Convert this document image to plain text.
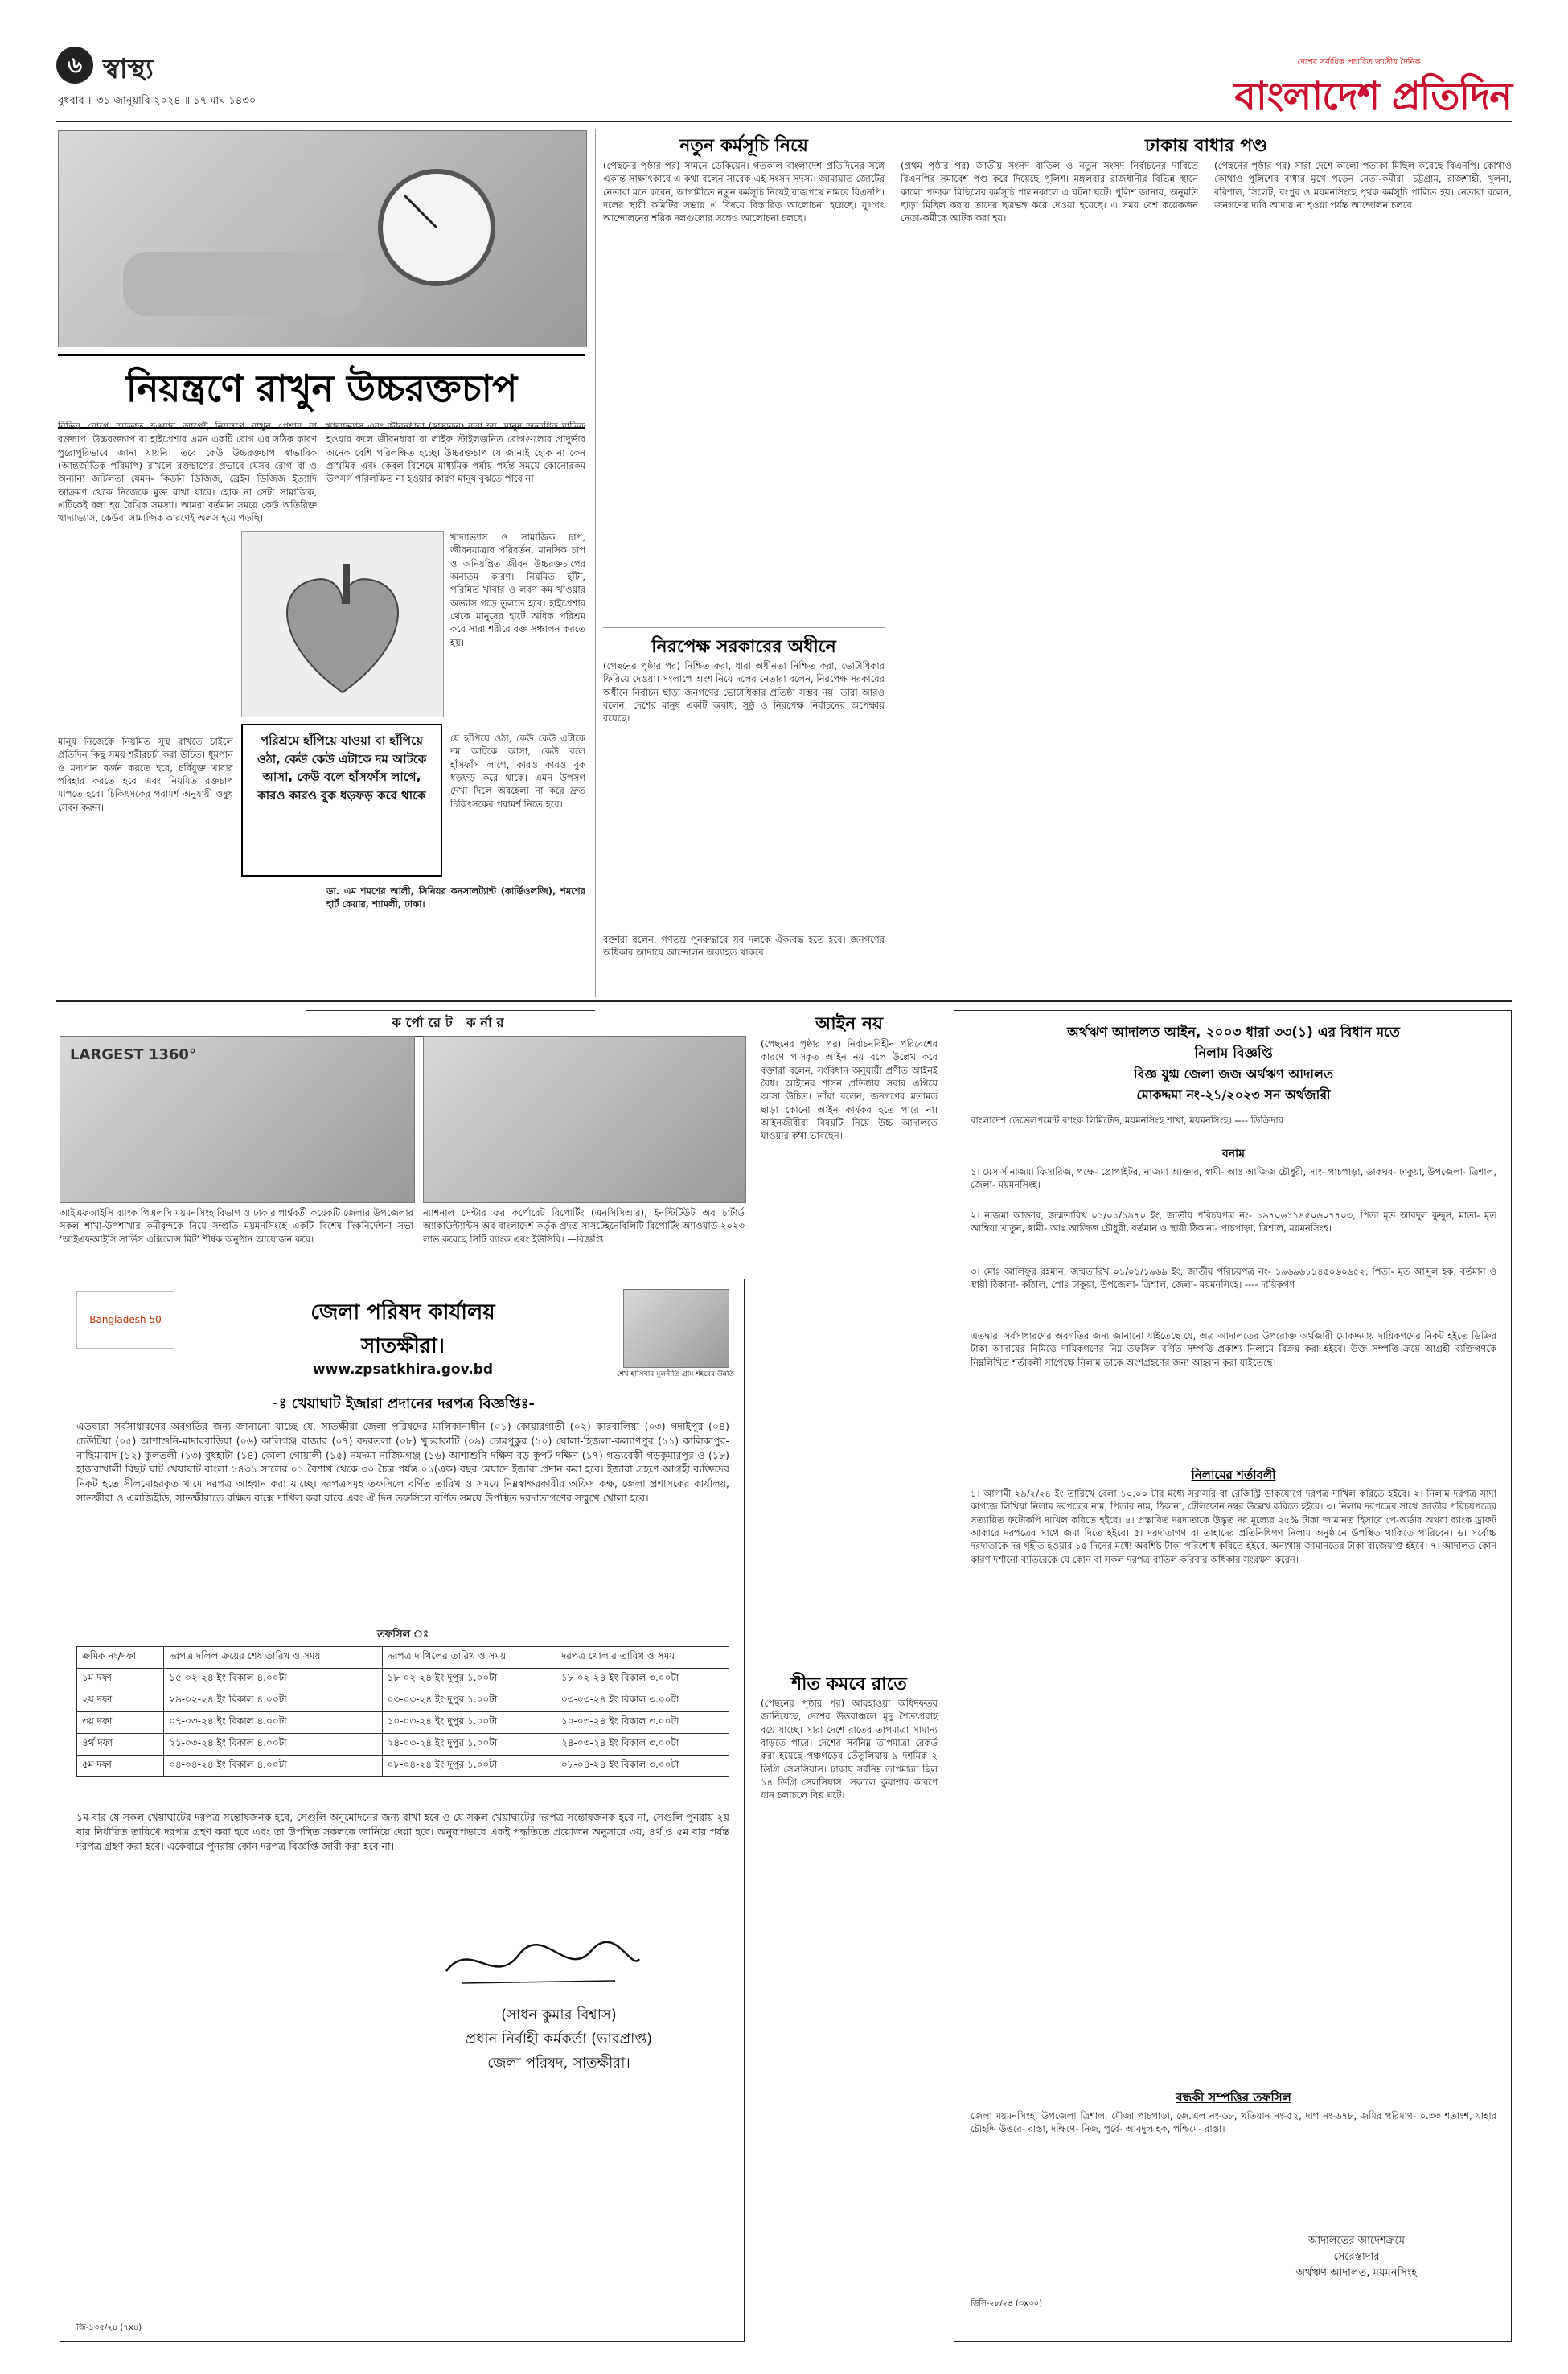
৬ স্বাস্থ্য
বুধবার ॥ ৩১ জানুয়ারি ২০২৪ ॥ ১৭ মাঘ ১৪৩০
দেশের সর্বাধিক প্রচারিত জাতীয় দৈনিক
বাংলাদেশ প্রতিদিন
নিয়ন্ত্রণে রাখুন উচ্চরক্তচাপ
বিভিন্ন রোগে আক্রান্ত হওয়ার আগেই নিয়ন্ত্রণে রাখুন প্রেশার বা রক্তচাপ। উচ্চরক্তচাপ বা হাইপ্রেশার এমন একটি রোগ এর সঠিক কারণ পুরোপুরিভাবে জানা যায়নি। তবে কেউ উচ্চরক্তচাপ স্বাভাবিক (আন্তর্জাতিক পরিমাপ) রাখলে রক্তচাপের প্রভাবে যেসব রোগ বা ও অন্যান্য জটিলতা যেমন- কিডনি ডিজিজ, ব্রেইন ডিজিজ ইত্যাদি আক্রমণ থেকে নিজেকে মুক্ত রাখা যাবে। হোক না সেটা সামাজিক, এটিকেই বলা হয় রৈখিক সমস্যা। আমরা বর্তমান সময়ে কেউ অতিরিক্ত খাদ্যাভ্যাস, কেউবা সামাজিক কারণেই অলস হয়ে পড়ছি।
খাদ্যাভ্যাস এবং জীবনধারা (স্বাস্থ্যকর) বলা হয়। মানুষ অত্যধিক মাত্রিক হওয়ার ফলে জীবনধারা বা লাইফ স্টাইলজনিত রোগগুলোর প্রাদুর্ভাব অনেক বেশি পরিলক্ষিত হচ্ছে। উচ্চরক্তচাপ যে জানাই হোক না কেন প্রাথমিক এবং কেবল বিশেষে মাধ্যমিক পর্যায় পর্যন্ত সময়ে কোনোরকম উপসর্গ পরিলক্ষিত না হওয়ার কারণ মানুষ বুঝতে পারে না।
খাদ্যাভ্যাস ও সামাজিক চাপ, জীবনযাত্রার পরিবর্তন, মানসিক চাপ ও অনিয়ন্ত্রিত জীবন উচ্চরক্তচাপের অন্যতম কারণ। নিয়মিত হাঁটা, পরিমিত খাবার ও লবণ কম খাওয়ার অভ্যাস গড়ে তুলতে হবে। হাইপ্রেশার থেকে মানুষের হার্টে অধিক পরিশ্রম করে সারা শরীরে রক্ত সঞ্চালন করতে হয়।
পরিশ্রমে হাঁপিয়ে যাওয়া বা হাঁপিয়ে ওঠা, কেউ কেউ এটাকে দম আটকে আসা, কেউ বলে হাঁসফাঁস লাগে, কারও কারও বুক ধড়ফড় করে থাকে
যে হাঁপিয়ে ওঠা, কেউ কেউ এটাকে দম আটকে আসা, কেউ বলে হাঁসফাঁস লাগে, কারও কারও বুক ধড়ফড় করে থাকে। এমন উপসর্গ দেখা দিলে অবহেলা না করে দ্রুত চিকিৎসকের পরামর্শ নিতে হবে।
মানুষ নিজেকে নিয়মিত সুস্থ রাখতে চাইলে প্রতিদিন কিছু সময় শরীরচর্চা করা উচিত। ধূমপান ও মদ্যপান বর্জন করতে হবে, চর্বিযুক্ত খাবার পরিহার করতে হবে এবং নিয়মিত রক্তচাপ মাপতে হবে। চিকিৎসকের পরামর্শ অনুযায়ী ওষুধ সেবন করুন।
ডা. এম শমশের আলী, সিনিয়র কনসালট্যান্ট (কার্ডিওলজি), শমশের হার্ট কেয়ার, শ্যামলী, ঢাকা।
নতুন কর্মসূচি নিয়ে
(পেছনের পৃষ্ঠার পর) সামনে ডেকিয়েন। গতকাল বাংলাদেশ প্রতিদিনের সঙ্গে একান্ত সাক্ষাৎকারে এ কথা বলেন সাবেক এই সংসদ সদস্য। জামায়াত জোটের নেতারা মনে করেন, আগামীতে নতুন কর্মসূচি নিয়েই রাজপথে নামবে বিএনপি। দলের স্থায়ী কমিটির সভায় এ বিষয়ে বিস্তারিত আলোচনা হয়েছে। যুগপৎ আন্দোলনের শরিক দলগুলোর সঙ্গেও আলোচনা চলছে।
নিরপেক্ষ সরকারের অধীনে
(পেছনের পৃষ্ঠার পর) নিশ্চিত করা, ধারা অধীনতা নিশ্চিত করা, ভোটাধিকার ফিরিয়ে দেওয়া। সংলাপে অংশ নিয়ে দলের নেতারা বলেন, নিরপেক্ষ সরকারের অধীনে নির্বাচন ছাড়া জনগণের ভোটাধিকার প্রতিষ্ঠা সম্ভব নয়। তারা আরও বলেন, দেশের মানুষ একটি অবাধ, সুষ্ঠু ও নিরপেক্ষ নির্বাচনের অপেক্ষায় রয়েছে।
বক্তারা বলেন, গণতন্ত্র পুনরুদ্ধারে সব দলকে ঐক্যবদ্ধ হতে হবে। জনগণের অধিকার আদায়ে আন্দোলন অব্যাহত থাকবে।
ঢাকায় বাধার পণ্ড
(প্রথম পৃষ্ঠার পর) জাতীয় সংসদ বাতিল ও নতুন সংসদ নির্বাচনের দাবিতে বিএনপির সমাবেশ পণ্ড করে দিয়েছে পুলিশ। মঙ্গলবার রাজধানীর বিভিন্ন স্থানে কালো পতাকা মিছিলের কর্মসূচি পালনকালে এ ঘটনা ঘটে। পুলিশ জানায়, অনুমতি ছাড়া মিছিল করায় তাদের ছত্রভঙ্গ করে দেওয়া হয়েছে। এ সময় বেশ কয়েকজন নেতা-কর্মীকে আটক করা হয়।
(পেছনের পৃষ্ঠার পর) সারা দেশে কালো পতাকা মিছিল করেছে বিএনপি। কোথাও কোথাও পুলিশের বাধার মুখে পড়েন নেতা-কর্মীরা। চট্টগ্রাম, রাজশাহী, খুলনা, বরিশাল, সিলেট, রংপুর ও ময়মনসিংহে পৃথক কর্মসূচি পালিত হয়। নেতারা বলেন, জনগণের দাবি আদায় না হওয়া পর্যন্ত আন্দোলন চলবে।
কর্পোরেট কর্নার
LARGEST 1360°
আইএফআইসি ব্যাংক পিএলসি ময়মনসিংহ বিভাগ ও ঢাকার পার্শ্ববর্তী কয়েকটি জেলার উপজেলার সকল শাখা-উপশাখার কর্মীবৃন্দকে নিয়ে সম্প্রতি ময়মনসিংহে একটি বিশেষ দিকনির্দেশনা সভা ‘আইএফআইসি সার্ভিস এক্সিলেন্স মিট’ শীর্ষক অনুষ্ঠান আয়োজন করে।
ন্যাশনাল সেন্টার ফর কর্পোরেট রিপোর্টিং (এনসিসিআর), ইনস্টিটিউট অব চার্টার্ড অ্যাকাউন্ট্যান্টস অব বাংলাদেশ কর্তৃক প্রদত্ত সাসটেইনেবিলিটি রিপোর্টিং অ্যাওয়ার্ড ২০২৩ লাভ করেছে সিটি ব্যাংক এবং ইউসিবি। —বিজ্ঞপ্তি
আইন নয়
(পেছনের পৃষ্ঠার পর) নির্বাচনবিহীন পরিবেশের কারণে পাসকৃত আইন নয় বলে উল্লেখ করে বক্তারা বলেন, সংবিধান অনুযায়ী প্রণীত আইনই বৈধ। আইনের শাসন প্রতিষ্ঠায় সবার এগিয়ে আসা উচিত। তাঁরা বলেন, জনগণের মতামত ছাড়া কোনো আইন কার্যকর হতে পারে না। আইনজীবীরা বিষয়টি নিয়ে উচ্চ আদালতে যাওয়ার কথা ভাবছেন।
শীত কমবে রাতে
(পেছনের পৃষ্ঠার পর) আবহাওয়া অধিদফতর জানিয়েছে, দেশের উত্তরাঞ্চলে মৃদু শৈত্যপ্রবাহ বয়ে যাচ্ছে। সারা দেশে রাতের তাপমাত্রা সামান্য বাড়তে পারে। দেশের সর্বনিম্ন তাপমাত্রা রেকর্ড করা হয়েছে পঞ্চগড়ের তেঁতুলিয়ায় ৯ দশমিক ২ ডিগ্রি সেলসিয়াস। ঢাকায় সর্বনিম্ন তাপমাত্রা ছিল ১৪ ডিগ্রি সেলসিয়াস। সকালে কুয়াশার কারণে যান চলাচলে বিঘ্ন ঘটে।
Bangladesh 50	জেলা পরিষদ কার্যালয়
সাতক্ষীরা।
www.zpsatkhira.gov.bd	শেখ হাসিনার মূলনীতি গ্রাম শহরের উন্নতি
-ঃ খেয়াঘাট ইজারা প্রদানের দরপত্র বিজ্ঞপ্তিঃ-
এতদ্বারা সর্বসাধারণের অবগতির জন্য জানানো যাচ্ছে যে, সাতক্ষীরা জেলা পরিষদের মালিকানাধীন (০১) কোয়ারগাতী (০২) কারবালিয়া (০৩) গদাইপুর (০৪) চেউটিয়া (০৫) আশাশুনি-মাদারবাড়িয়া (০৬) কালিগঞ্জ বাজার (০৭) বদরতলা (০৮) খুচরাকাটি (০৯) চোমপুকুর (১০) ঘোলা-হিজলা-কল্যাণপুর (১১) কালিকাপুর-নাছিমাবাদ (১২) কুলতলী (১৩) বুধহাটা (১৪) কোলা-গোয়ালী (১৫) নমদমা-নাজিমগঞ্জ (১৬) আশাশুনি-দক্ষিণ বড় কুপট দক্ষিণ (১৭) গভ্যবেকী-গড়কুমারপুর ও (১৮) হাজরাখালী বিছট ঘাট খেয়াঘাট বাংলা ১৪৩১ সালের ০১ বৈশাখ থেকে ৩০ চৈত্র পর্যন্ত ০১(এক) বছর মেয়াদে ইজারা প্রদান করা হবে। ইজারা গ্রহণে আগ্রহী ব্যক্তিদের নিকট হতে সীলমোহরকৃত খামে দরপত্র আহ্বান করা যাচ্ছে। দরপত্রসমূহ তফসিলে বর্ণিত তারিখ ও সময়ে নিম্নস্বাক্ষরকারীর অফিস কক্ষ, জেলা প্রশাসকের কার্যালয়, সাতক্ষীরা ও এলজিইডি, সাতক্ষীরাতে রক্ষিত বাক্সে দাখিল করা যাবে এবং ঐ দিন তফসিলে বর্ণিত সময়ে উপস্থিত দরদাতাগণের সম্মুখে খোলা হবে।
তফসিল ঃ
ক্রমিক নং/দফা	দরপত্র দলিল ক্রয়ের শেষ তারিখ ও সময়	দরপত্র দাখিলের তারিখ ও সময়	দরপত্র খোলার তারিখ ও সময়
১ম দফা	১৫-০২-২৪ ইং বিকাল ৪.০০টা	১৮-০২-২৪ ইং দুপুর ১.০০টা	১৮-০২-২৪ ইং বিকাল ৩.০০টা
২য় দফা	২৯-০২-২৪ ইং বিকাল ৪.০০টা	০৩-০৩-২৪ ইং দুপুর ১.০০টা	০৩-০৩-২৪ ইং বিকাল ৩.০০টা
৩য় দফা	০৭-০৩-২৪ ইং বিকাল ৪.০০টা	১০-০৩-২৪ ইং দুপুর ১.০০টা	১০-০৩-২৪ ইং বিকাল ৩.০০টা
৪র্থ দফা	২১-০৩-২৪ ইং বিকাল ৪.০০টা	২৪-০৩-২৪ ইং দুপুর ১.০০টা	২৪-০৩-২৪ ইং বিকাল ৩.০০টা
৫ম দফা	০৪-০৪-২৪ ইং বিকাল ৪.০০টা	০৮-০৪-২৪ ইং দুপুর ১.০০টা	০৮-০৪-২৪ ইং বিকাল ৩.০০টা
১ম বার যে সকল খেয়াঘাটের দরপত্র সন্তোষজনক হবে, সেগুলি অনুমোদনের জন্য রাখা হবে ও যে সকল খেয়াঘাটের দরপত্র সন্তোষজনক হবে না, সেগুলি পুনরায় ২য় বার নির্ধারিত তারিখে দরপত্র গ্রহণ করা হবে এবং তা উপস্থিত সকলকে জানিয়ে দেয়া হবে। অনুরূপভাবে একই পদ্ধতিতে প্রয়োজন অনুসারে ৩য়, ৪র্থ ও ৫ম বার পর্যন্ত দরপত্র গ্রহণ করা হবে। একেবারে পুনরায় কোন দরপত্র বিজ্ঞপ্তি জারী করা হবে না।
(সাধন কুমার বিশ্বাস)
প্রধান নির্বাহী কর্মকর্তা (ভারপ্রাপ্ত)
জেলা পরিষদ, সাতক্ষীরা।
জি-১৩৫/২৪ (৭x৪)
অর্থঋণ আদালত আইন, ২০০৩ ধারা ৩৩(১) এর বিধান মতে
নিলাম বিজ্ঞপ্তি
বিজ্ঞ যুগ্ম জেলা জজ অর্থঋণ আদালত
মোকদ্দমা নং-২১/২০২৩ সন অর্থজারী
বাংলাদেশ ডেভেলপমেন্ট ব্যাংক লিমিটেড, ময়মনসিংহ শাখা, ময়মনসিংহ। ---- ডিক্রিদার
বনাম
১। মেসার্স নাজমা ফিসারিজ, পক্ষে- প্রোপাইটর, নাজমা আক্তার, স্বামী- আঃ আজিজ চৌধুরী, সাং- পাচপাড়া, ডাকঘর- ঢাকুয়া, উপজেলা- ত্রিশাল, জেলা- ময়মনসিংহ।
২। নাজমা আক্তার, জন্মতারিখ ০১/০১/১৯৭০ ইং, জাতীয় পরিচয়পত্র নং- ১৯৭০৬১১৪৫০৬০৭৭০৩, পিতা মৃত আবদুল কুদ্দুস, মাতা- মৃত আম্বিয়া খাতুন, স্বামী- আঃ আজিজ চৌধুরী, বর্তমান ও স্থায়ী ঠিকানা- পাচপাড়া, ত্রিশাল, ময়মনসিংহ।
৩। মোঃ আলিফুর রহমান, জন্মতারিখ ০১/০১/১৯৬৯ ইং, জাতীয় পরিচয়পত্র নং- ১৯৬৯৬১১৪৫০৬০৬৫২, পিতা- মৃত আব্দুল হক, বর্তমান ও স্থায়ী ঠিকানা- কাঁঠাল, পোঃ ঢাকুয়া, উপজেলা- ত্রিশাল, জেলা- ময়মনসিংহ। ---- দায়িকগণ
এতদ্বারা সর্বসাধারণের অবগতির জন্য জানানো যাইতেছে যে, অত্র আদালতের উপরোক্ত অর্থজারী মোকদ্দমায় দায়িকগণের নিকট হইতে ডিক্রির টাকা আদায়ের নিমিত্তে দায়িকগণের নিম্ন তফসিল বর্ণিত সম্পত্তি প্রকাশ্য নিলামে বিক্রয় করা হইবে। উক্ত সম্পত্তি ক্রয়ে আগ্রহী ব্যক্তিগণকে নিম্নলিখিত শর্তাবলী সাপেক্ষে নিলাম ডাকে অংশগ্রহণের জন্য আহ্বান করা যাইতেছে।
নিলামের শর্তাবলী
১। আগামী ২৯/২/২৪ ইং তারিখে বেলা ১০.০০ টার মধ্যে সরাসরি বা রেজিস্ট্রি ডাকযোগে দরপত্র দাখিল করিতে হইবে। ২। নিলাম দরপত্র সাদা কাগজে লিখিয়া নিলাম দরপত্রের নাম, পিতার নাম, ঠিকানা, টেলিফোন নম্বর উল্লেখ করিতে হইবে। ৩। নিলাম দরপত্রের সাথে জাতীয় পরিচয়পত্রের সত্যায়িত ফটোকপি দাখিল করিতে হইবে। ৪। প্রস্তাবিত দরদাতাকে উদ্ধৃত দর মূল্যের ২৫% টাকা জামানত হিসাবে পে-অর্ডার অথবা ব্যাংক ড্রাফট আকারে দরপত্রের সাথে জমা দিতে হইবে। ৫। দরদাতাগণ বা তাহাদের প্রতিনিধিগণ নিলাম অনুষ্ঠানে উপস্থিত থাকিতে পারিবেন। ৬। সর্বোচ্চ দরদাতাকে দর গৃহীত হওয়ার ১৫ দিনের মধ্যে অবশিষ্ট টাকা পরিশোধ করিতে হইবে, অন্যথায় জামানতের টাকা বাজেয়াপ্ত হইবে। ৭। আদালত কোন কারণ দর্শানো ব্যতিরেকে যে কোন বা সকল দরপত্র বাতিল করিবার অধিকার সংরক্ষণ করেন।
বন্ধকী সম্পত্তির তফসিল
জেলা ময়মনসিংহ, উপজেলা ত্রিশাল, মৌজা পাচপাড়া, জে.এল নং-৬৮, খতিয়ান নং-৫২, দাগ নং-৬৭৮, জমির পরিমাণ- ০.৩৩ শতাংশ, যাহার চৌহদ্দি উত্তরে- রাস্তা, দক্ষিণে- নিজ, পূর্বে- আবদুল হক, পশ্চিমে- রাস্তা।
আদালতের আদেশক্রমে
সেরেস্তাদার
অর্থঋণ আদালত, ময়মনসিংহ
ডিসি-২৮/২৪ (৩x৩০)
